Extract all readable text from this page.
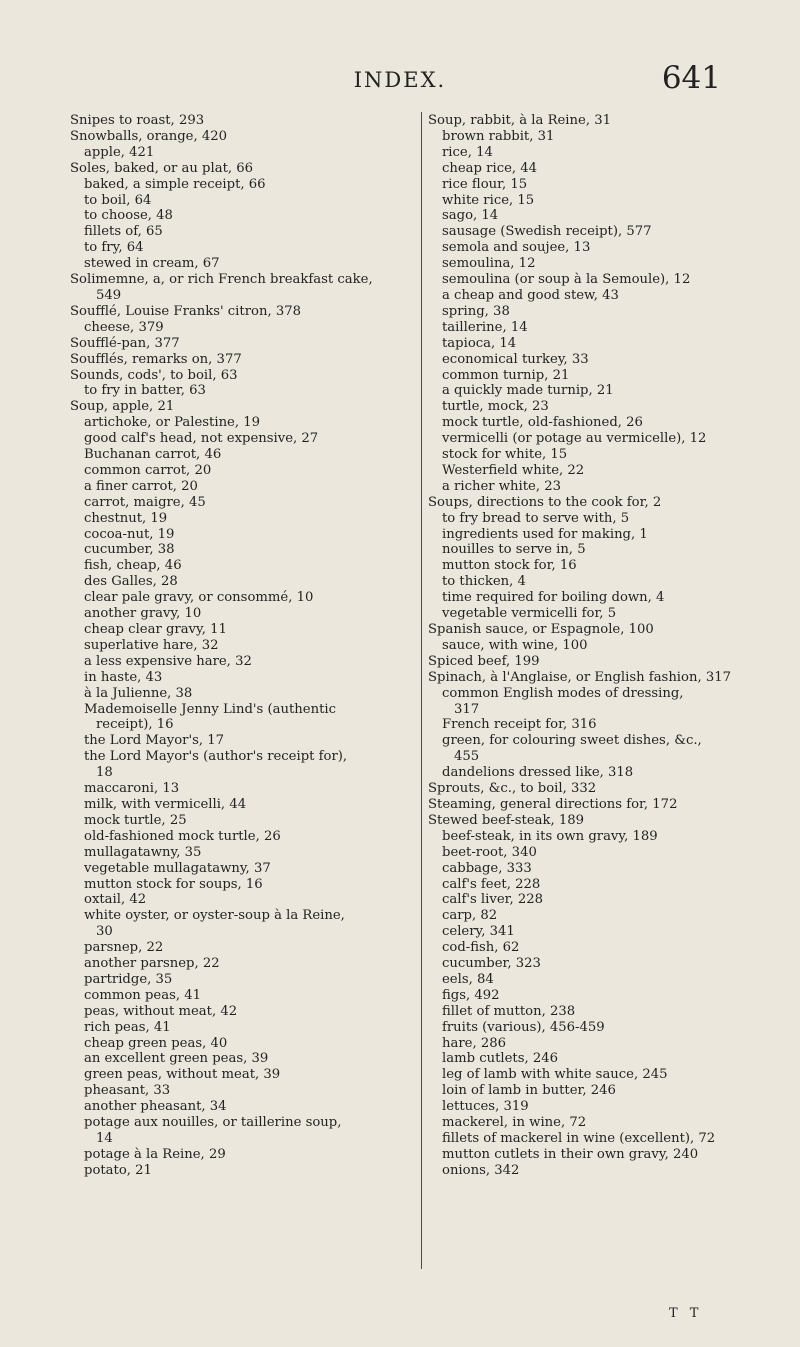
INDEX.	641
Snipes to roast, 293
Snowballs, orange, 420
apple, 421
Soles, baked, or au plat, 66
baked, a simple receipt, 66
to boil, 64
to choose, 48
fillets of, 65
to fry, 64
stewed in cream, 67
Solimemne, a, or rich French breakfast cake,
549
Soufflé, Louise Franks' citron, 378
cheese, 379
Soufflé-pan, 377
Soufflés, remarks on, 377
Sounds, cods', to boil, 63
to fry in batter, 63
Soup, apple, 21
artichoke, or Palestine, 19
good calf's head, not expensive, 27
Buchanan carrot, 46
common carrot, 20
a finer carrot, 20
carrot, maigre, 45
chestnut, 19
cocoa-nut, 19
cucumber, 38
fish, cheap, 46
des Galles, 28
clear pale gravy, or consommé, 10
another gravy, 10
cheap clear gravy, 11
superlative hare, 32
a less expensive hare, 32
in haste, 43
à la Julienne, 38
Mademoiselle Jenny Lind's (authentic
receipt), 16
the Lord Mayor's, 17
the Lord Mayor's (author's receipt for),
18
maccaroni, 13
milk, with vermicelli, 44
mock turtle, 25
old-fashioned mock turtle, 26
mullagatawny, 35
vegetable mullagatawny, 37
mutton stock for soups, 16
oxtail, 42
white oyster, or oyster-soup à la Reine,
30
parsnep, 22
another parsnep, 22
partridge, 35
common peas, 41
peas, without meat, 42
rich peas, 41
cheap green peas, 40
an excellent green peas, 39
green peas, without meat, 39
pheasant, 33
another pheasant, 34
potage aux nouilles, or taillerine soup,
14
potage à la Reine, 29
potato, 21
Soup, rabbit, à la Reine, 31
brown rabbit, 31
rice, 14
cheap rice, 44
rice flour, 15
white rice, 15
sago, 14
sausage (Swedish receipt), 577
semola and soujee, 13
semoulina, 12
semoulina (or soup à la Semoule), 12
a cheap and good stew, 43
spring, 38
taillerine, 14
tapioca, 14
economical turkey, 33
common turnip, 21
a quickly made turnip, 21
turtle, mock, 23
mock turtle, old-fashioned, 26
vermicelli (or potage au vermicelle), 12
stock for white, 15
Westerfield white, 22
a richer white, 23
Soups, directions to the cook for, 2
to fry bread to serve with, 5
ingredients used for making, 1
nouilles to serve in, 5
mutton stock for, 16
to thicken, 4
time required for boiling down, 4
vegetable vermicelli for, 5
Spanish sauce, or Espagnole, 100
sauce, with wine, 100
Spiced beef, 199
Spinach, à l'Anglaise, or English fashion, 317
common English modes of dressing,
317
French receipt for, 316
green, for colouring sweet dishes, &c.,
455
dandelions dressed like, 318
Sprouts, &c., to boil, 332
Steaming, general directions for, 172
Stewed beef-steak, 189
beef-steak, in its own gravy, 189
beet-root, 340
cabbage, 333
calf's feet, 228
calf's liver, 228
carp, 82
celery, 341
cod-fish, 62
cucumber, 323
eels, 84
figs, 492
fillet of mutton, 238
fruits (various), 456-459
hare, 286
lamb cutlets, 246
leg of lamb with white sauce, 245
loin of lamb in butter, 246
lettuces, 319
mackerel, in wine, 72
fillets of mackerel in wine (excellent), 72
mutton cutlets in their own gravy, 240
onions, 342
T T
